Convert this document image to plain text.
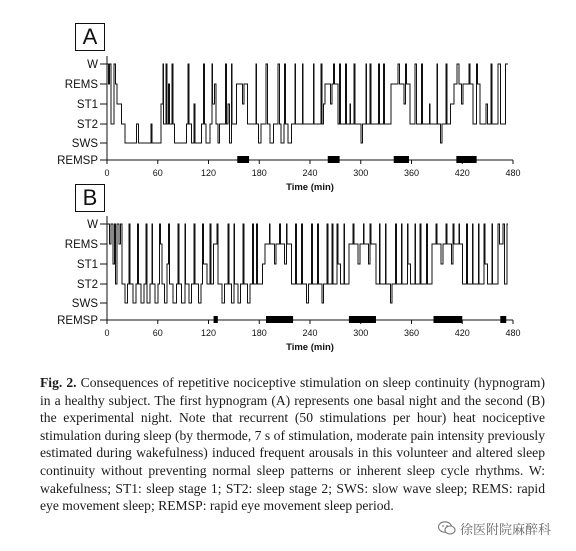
A
W
REMS
ST1
ST2
SWS
REMSP
0	60	120	180	240	300	360	420	480
Time (min)
B
W
REMS
ST1
ST2
SWS
REMSP
0	60	120	180	240	300	360	420	480
Time (min)
Fig. 2. Consequences of repetitive nociceptive stimulation on sleep continuity (hypnogram) in a healthy subject. The first hypnogram (A) represents one basal night and the second (B) the experimental night. Note that recurrent (50 stimulations per hour) heat nociceptive stimulation during sleep (by thermode, 7 s of stimulation, moderate pain intensity previously estimated during wakefulness) induced frequent arousals in this volunteer and altered sleep continuity without preventing normal sleep patterns or inherent sleep cycle rhythms. W: wakefulness; ST1: sleep stage 1; ST2: sleep stage 2; SWS: slow wave sleep; REMS: rapid eye movement sleep; REMSP: rapid eye movement sleep period.
徐医附院麻醉科
